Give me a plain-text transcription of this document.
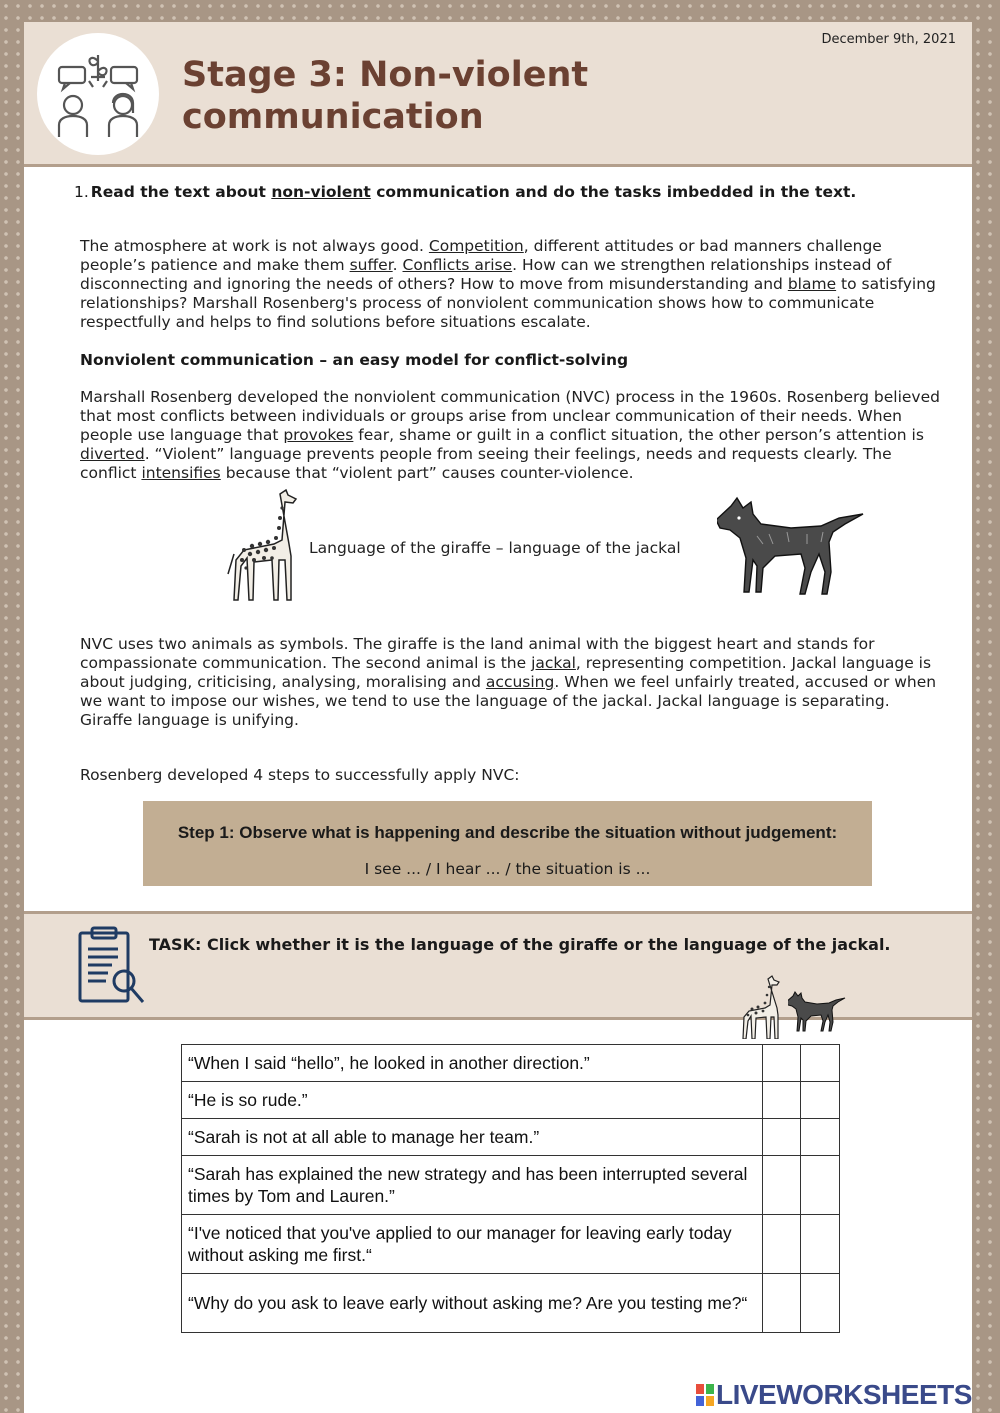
Stage 3: Non-violent
communication
December 9th, 2021
1. Read the text about non-violent communication and do the tasks imbedded in the text.

The atmosphere at work is not always good. Competition, different attitudes or bad manners challenge people’s patience and make them suffer. Conflicts arise. How can we strengthen relationships instead of disconnecting and ignoring the needs of others? How to move from misunderstanding and blame to satisfying relationships? Marshall Rosenberg's process of nonviolent communication shows how to communicate respectfully and helps to find solutions before situations escalate.

Nonviolent communication – an easy model for conflict-solving

Marshall Rosenberg developed the nonviolent communication (NVC) process in the 1960s. Rosenberg believed that most conflicts between individuals or groups arise from unclear communication of their needs. When people use language that provokes fear, shame or guilt in a conflict situation, the other person’s attention is diverted. “Violent” language prevents people from seeing their feelings, needs and requests clearly. The conflict intensifies because that “violent part” causes counter-violence.

Language of the giraffe – language of the jackal

NVC uses two animals as symbols. The giraffe is the land animal with the biggest heart and stands for compassionate communication. The second animal is the jackal, representing competition. Jackal language is about judging, criticising, analysing, moralising and accusing. When we feel unfairly treated, accused or when we want to impose our wishes, we tend to use the language of the jackal. Jackal language is separating. Giraffe language is unifying.

Rosenberg developed 4 steps to successfully apply NVC:

Step 1: Observe what is happening and describe the situation without judgement:
I see ... / I hear ... / the situation is ...
TASK: Click whether it is the language of the giraffe or the language of the jackal.
“When I said “hello”, he looked in another direction.”		
“He is so rude.”		
“Sarah is not at all able to manage her team.”		
“Sarah has explained the new strategy and has been interrupted several times by Tom and Lauren.”		
“I've noticed that you've applied to our manager for leaving early today without asking me first.“		
“Why do you ask to leave early without asking me? Are you testing me?“		
LIVEWORKSHEETS
